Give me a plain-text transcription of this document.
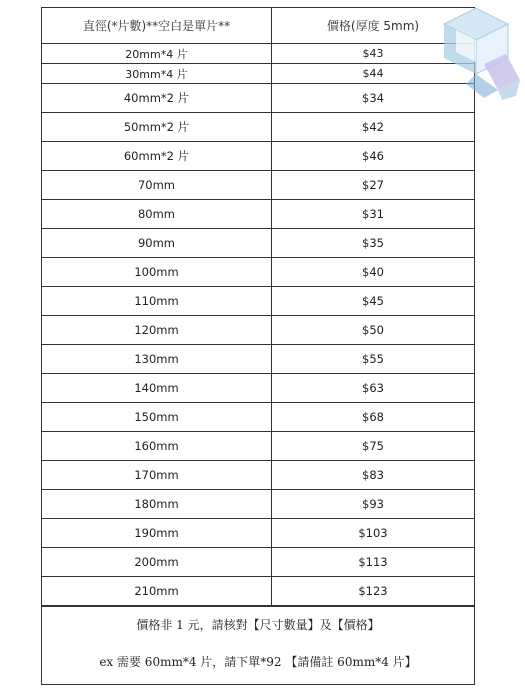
直徑(*片數)**空白是單片**	價格(厚度 5mm)
20mm*4 片	$43
30mm*4 片	$44
40mm*2 片	$34
50mm*2 片	$42
60mm*2 片	$46
70mm	$27
80mm	$31
90mm	$35
100mm	$40
110mm	$45
120mm	$50
130mm	$55
140mm	$63
150mm	$68
160mm	$75
170mm	$83
180mm	$93
190mm	$103
200mm	$113
210mm	$123
價格非 1 元，請核對【尺寸數量】及【價格】
ex 需要 60mm*4 片，請下單*92 【請備註 60mm*4 片】
